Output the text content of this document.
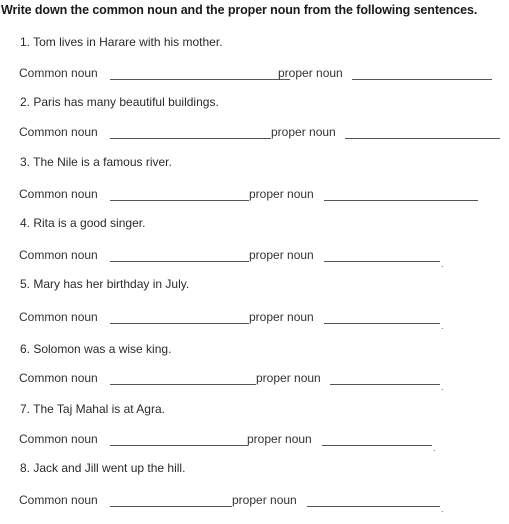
Write down the common noun and the proper noun from the following sentences.
1. Tom lives in Harare with his mother.
Common noun	proper noun
2. Paris has many beautiful buildings.
Common noun	proper noun
3. The Nile is a famous river.
Common noun	proper noun
4. Rita is a good singer.
Common noun	proper noun
.
5. Mary has her birthday in July.
Common noun	proper noun
.
6. Solomon was a wise king.
Common noun	proper noun
.
7. The Taj Mahal is at Agra.
Common noun	proper noun
.
8. Jack and Jill went up the hill.
Common noun	proper noun
.
